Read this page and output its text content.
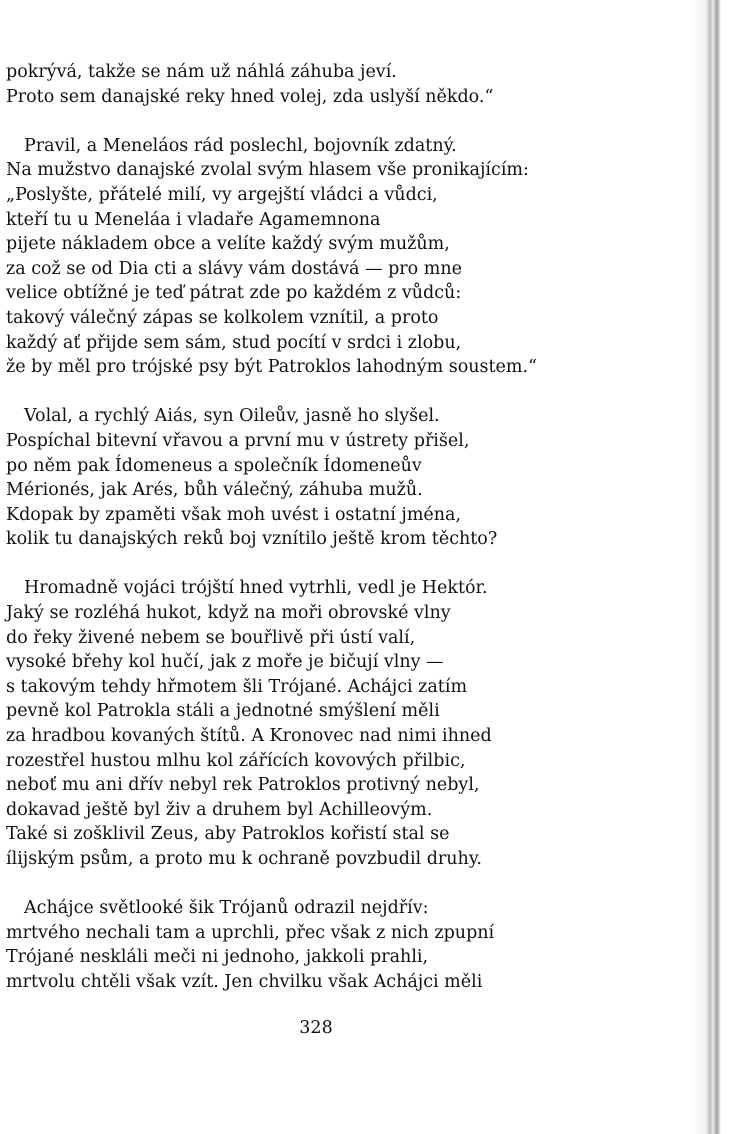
pokrývá, takže se nám už náhlá záhuba jeví.
Proto sem danajské reky hned volej, zda uslyší někdo.“
Pravil, a Meneláos rád poslechl, bojovník zdatný.
Na mužstvo danajské zvolal svým hlasem vše pronikajícím:
„Poslyšte, přátelé milí, vy argejští vládci a vůdci,
kteří tu u Meneláa i vladaře Agamemnona
pijete nákladem obce a velíte každý svým mužům,
za což se od Dia cti a slávy vám dostává — pro mne
velice obtížné je teď pátrat zde po každém z vůdců:
takový válečný zápas se kolkolem vznítil, a proto
každý ať přijde sem sám, stud pocítí v srdci i zlobu,
že by měl pro trójské psy být Patroklos lahodným soustem.“
Volal, a rychlý Aiás, syn Oileův, jasně ho slyšel.
Pospíchal bitevní vřavou a první mu v ústrety přišel,
po něm pak Ídomeneus a společník Ídomeneův
Mérionés, jak Arés, bůh válečný, záhuba mužů.
Kdopak by zpaměti však moh uvést i ostatní jména,
kolik tu danajských reků boj vznítilo ještě krom těchto?
Hromadně vojáci trójští hned vytrhli, vedl je Hektór.
Jaký se rozléhá hukot, když na moři obrovské vlny
do řeky živené nebem se bouřlivě při ústí valí,
vysoké břehy kol hučí, jak z moře je bičují vlny —
s takovým tehdy hřmotem šli Trójané. Achájci zatím
pevně kol Patrokla stáli a jednotné smýšlení měli
za hradbou kovaných štítů. A Kronovec nad nimi ihned
rozestřel hustou mlhu kol zářících kovových přilbic,
neboť mu ani dřív nebyl rek Patroklos protivný nebyl,
dokavad ještě byl živ a druhem byl Achilleovým.
Také si zošklivil Zeus, aby Patroklos kořistí stal se
ílijským psům, a proto mu k ochraně povzbudil druhy.
Achájce světlooké šik Trójanů odrazil nejdřív:
mrtvého nechali tam a uprchli, přec však z nich zpupní
Trójané neskláli meči ni jednoho, jakkoli prahli,
mrtvolu chtěli však vzít. Jen chvilku však Achájci měli
328
